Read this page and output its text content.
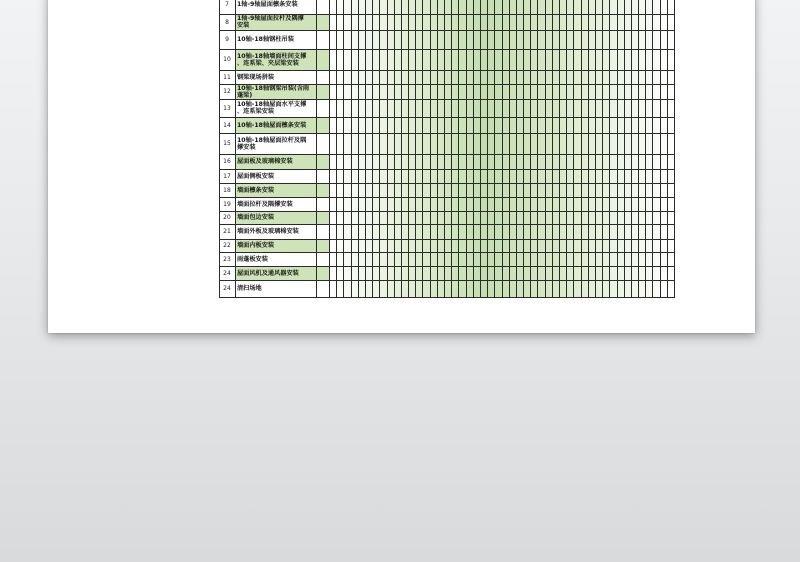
7	1轴-9轴屋面檩条安装
8	1轴-9轴屋面拉杆及隅撑
安装
9	10轴-18轴钢柱吊装
10 10轴-18轴墙面柱间支撑
、连系梁、夹层梁安装
11 钢梁现场拼装
12 10轴-18轴钢梁吊装(含雨
蓬梁)
13 10轴-18轴屋面水平支撑
、连系梁安装
14 10轴-18轴屋面檩条安装
15 10轴-18轴屋面拉杆及隅
撑安装
16 屋面板及玻璃棉安装
17 屋面侧板安装
18 墙面檩条安装
19 墙面拉杆及隅撑安装
20 墙面包边安装
21 墙面外板及玻璃棉安装
22 墙面内板安装
23 雨蓬板安装
24 屋面风机及通风器安装
24 清扫场地
